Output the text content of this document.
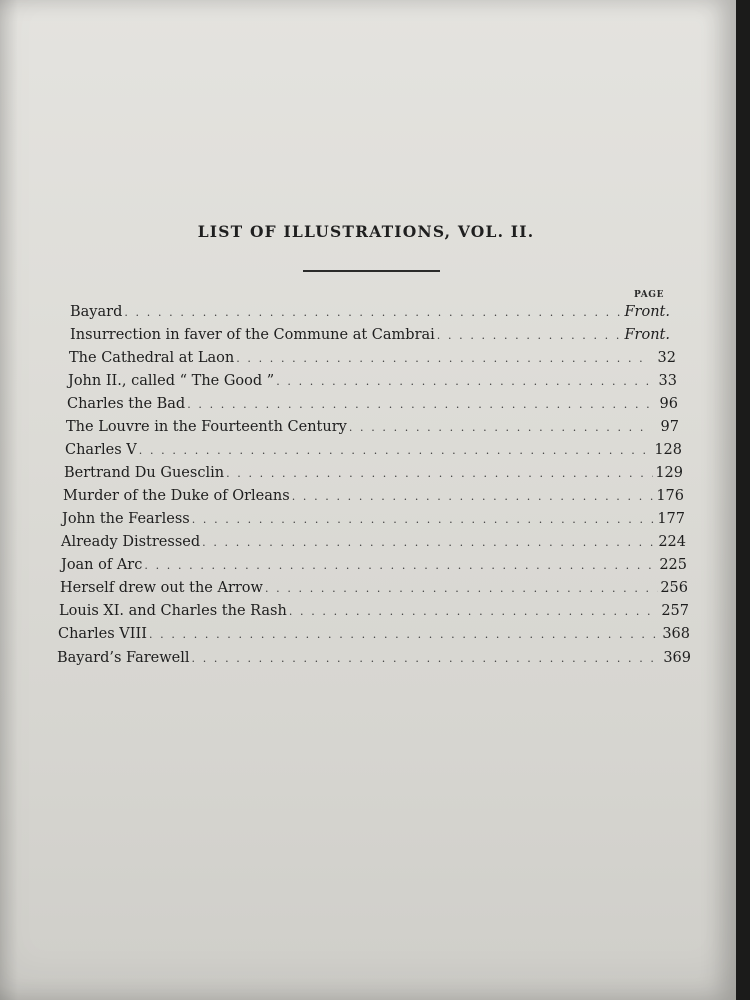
LIST OF ILLUSTRATIONS, VOL. II.
PAGE
Bayard . . .	Front.
Insurrection in faver of the Commune at Cambrai . . .	Front.
The Cathedral at Laon . . .	32
John II., called “ The Good ” . . .	33
Charles the Bad . . .	96
The Louvre in the Fourteenth Century . . .	97
Charles V . . .	128
Bertrand Du Guesclin . . .	129
Murder of the Duke of Orleans . . .	176
John the Fearless . . .	177
Already Distressed . . .	224
Joan of Arc . . .	225
Herself drew out the Arrow . . .	256
Louis XI. and Charles the Rash . . .	257
Charles VIII . . .	368
Bayard’s Farewell . . .	369
